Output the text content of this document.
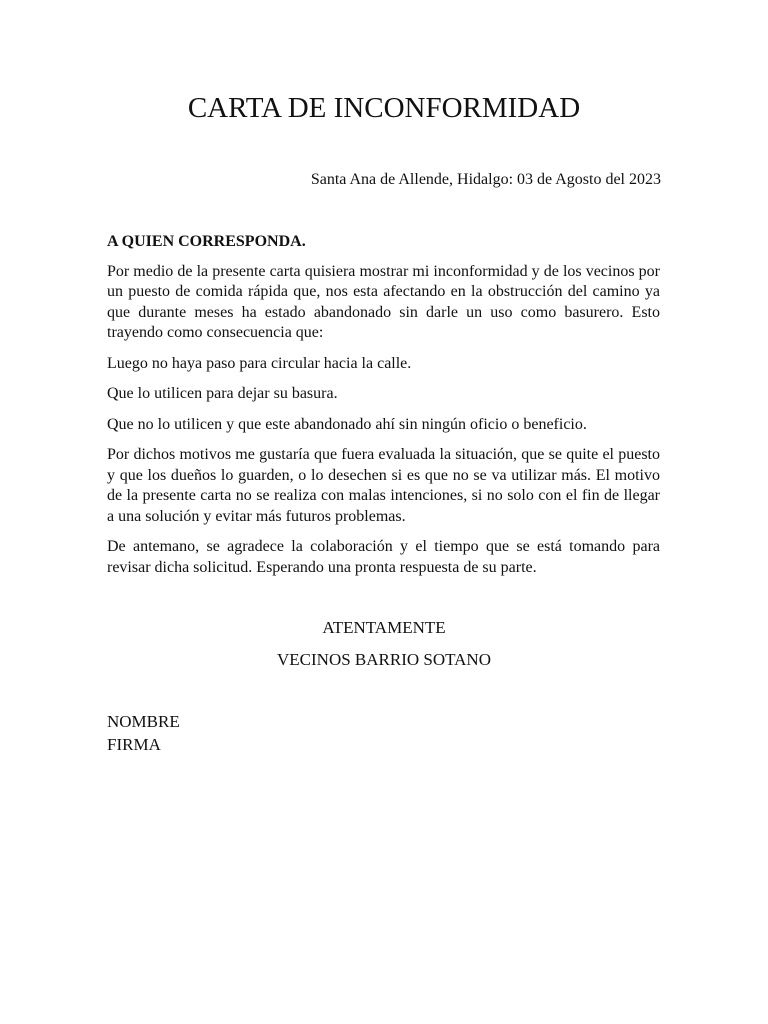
CARTA DE INCONFORMIDAD

Santa Ana de Allende, Hidalgo: 03 de Agosto del 2023

A QUIEN CORRESPONDA.

Por medio de la presente carta quisiera mostrar mi inconformidad y de los vecinos por un puesto de comida rápida que, nos esta afectando en la obstrucción del camino ya que durante meses ha estado abandonado sin darle un uso como basurero. Esto trayendo como consecuencia que:

Luego no haya paso para circular hacia la calle.

Que lo utilicen para dejar su basura.

Que no lo utilicen y que este abandonado ahí sin ningún oficio o beneficio.

Por dichos motivos me gustaría que fuera evaluada la situación, que se quite el puesto y que los dueños lo guarden, o lo desechen si es que no se va utilizar más. El motivo de la presente carta no se realiza con malas intenciones, si no solo con el fin de llegar a una solución y evitar más futuros problemas.

De antemano, se agradece la colaboración y el tiempo que se está tomando para revisar dicha solicitud. Esperando una pronta respuesta de su parte.

ATENTAMENTE

VECINOS BARRIO SOTANO

NOMBRE
FIRMA
